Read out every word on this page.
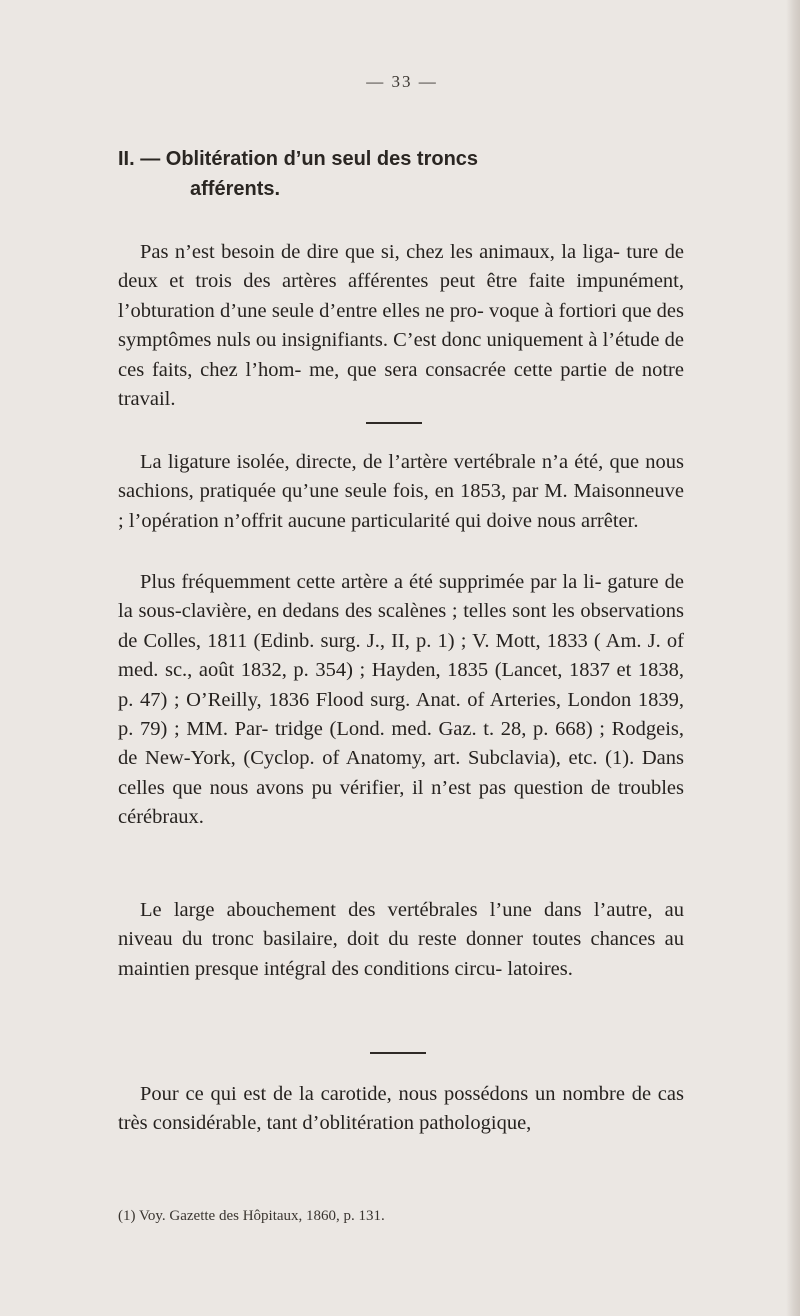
— 33 —
II. — Oblitération d’un seul des troncs
afférents.

Pas n’est besoin de dire que si, chez les animaux, la liga- ture de deux et trois des artères afférentes peut être faite impunément, l’obturation d’une seule d’entre elles ne pro- voque à fortiori que des symptômes nuls ou insignifiants. C’est donc uniquement à l’étude de ces faits, chez l’hom- me, que sera consacrée cette partie de notre travail.

La ligature isolée, directe, de l’artère vertébrale n’a été, que nous sachions, pratiquée qu’une seule fois, en 1853, par M. Maisonneuve ; l’opération n’offrit aucune particularité qui doive nous arrêter.

Plus fréquemment cette artère a été supprimée par la li- gature de la sous-clavière, en dedans des scalènes ; telles sont les observations de Colles, 1811 (Edinb. surg. J., II, p. 1) ; V. Mott, 1833 ( Am. J. of med. sc., août 1832, p. 354) ; Hayden, 1835 (Lancet, 1837 et 1838, p. 47) ; O’Reilly, 1836 Flood surg. Anat. of Arteries, London 1839, p. 79) ; MM. Par- tridge (Lond. med. Gaz. t. 28, p. 668) ; Rodgeis, de New-York, (Cyclop. of Anatomy, art. Subclavia), etc. (1). Dans celles que nous avons pu vérifier, il n’est pas question de troubles cérébraux.

Le large abouchement des vertébrales l’une dans l’autre, au niveau du tronc basilaire, doit du reste donner toutes chances au maintien presque intégral des conditions circu- latoires.

Pour ce qui est de la carotide, nous possédons un nombre de cas très considérable, tant d’oblitération pathologique,

(1) Voy. Gazette des Hôpitaux, 1860, p. 131.
